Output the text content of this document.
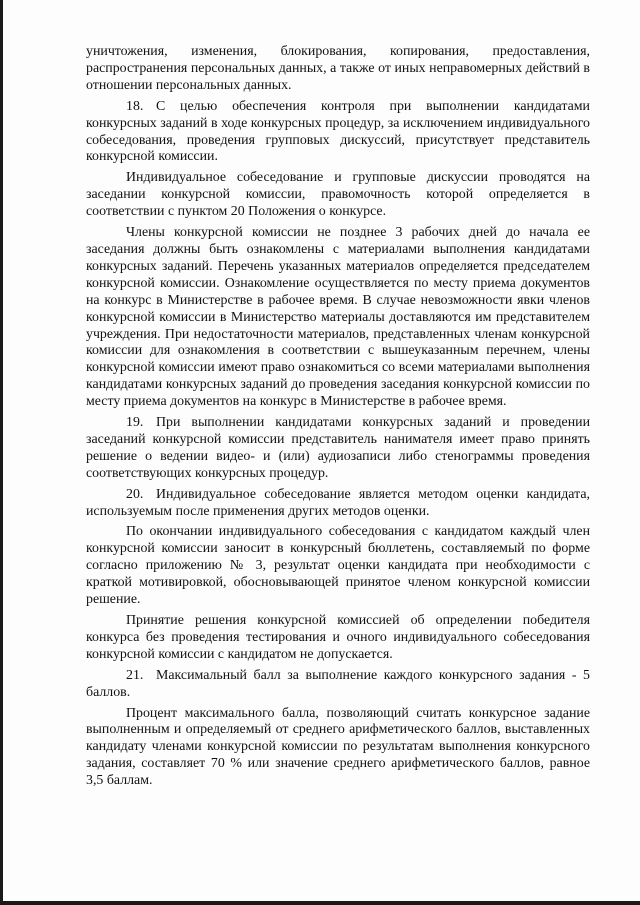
уничтожения, изменения, блокирования, копирования, предоставления, распространения персональных данных, а также от иных неправомерных действий в отношении персональных данных.

18. С целью обеспечения контроля при выполнении кандидатами конкурсных заданий в ходе конкурсных процедур, за исключением индивидуального собеседования, проведения групповых дискуссий, присутствует представитель конкурсной комиссии.

Индивидуальное собеседование и групповые дискуссии проводятся на заседании конкурсной комиссии, правомочность которой определяется в соответствии с пунктом 20 Положения о конкурсе.

Члены конкурсной комиссии не позднее 3 рабочих дней до начала ее заседания должны быть ознакомлены с материалами выполнения кандидатами конкурсных заданий. Перечень указанных материалов определяется председателем конкурсной комиссии. Ознакомление осуществляется по месту приема документов на конкурс в Министерстве в рабочее время. В случае невозможности явки членов конкурсной комиссии в Министерство материалы доставляются им представителем учреждения. При недостаточности материалов, представленных членам конкурсной комиссии для ознакомления в соответствии с вышеуказанным перечнем, члены конкурсной комиссии имеют право ознакомиться со всеми материалами выполнения кандидатами конкурсных заданий до проведения заседания конкурсной комиссии по месту приема документов на конкурс в Министерстве в рабочее время.

19. При выполнении кандидатами конкурсных заданий и проведении заседаний конкурсной комиссии представитель нанимателя имеет право принять решение о ведении видео- и (или) аудиозаписи либо стенограммы проведения соответствующих конкурсных процедур.

20. Индивидуальное собеседование является методом оценки кандидата, используемым после применения других методов оценки.

По окончании индивидуального собеседования с кандидатом каждый член конкурсной комиссии заносит в конкурсный бюллетень, составляемый по форме согласно приложению № 3, результат оценки кандидата при необходимости с краткой мотивировкой, обосновывающей принятое членом конкурсной комиссии решение.

Принятие решения конкурсной комиссией об определении победителя конкурса без проведения тестирования и очного индивидуального собеседования конкурсной комиссии с кандидатом не допускается.

21. Максимальный балл за выполнение каждого конкурсного задания - 5 баллов.

Процент максимального балла, позволяющий считать конкурсное задание выполненным и определяемый от среднего арифметического баллов, выставленных кандидату членами конкурсной комиссии по результатам выполнения конкурсного задания, составляет 70 % или значение среднего арифметического баллов, равное 3,5 баллам.
